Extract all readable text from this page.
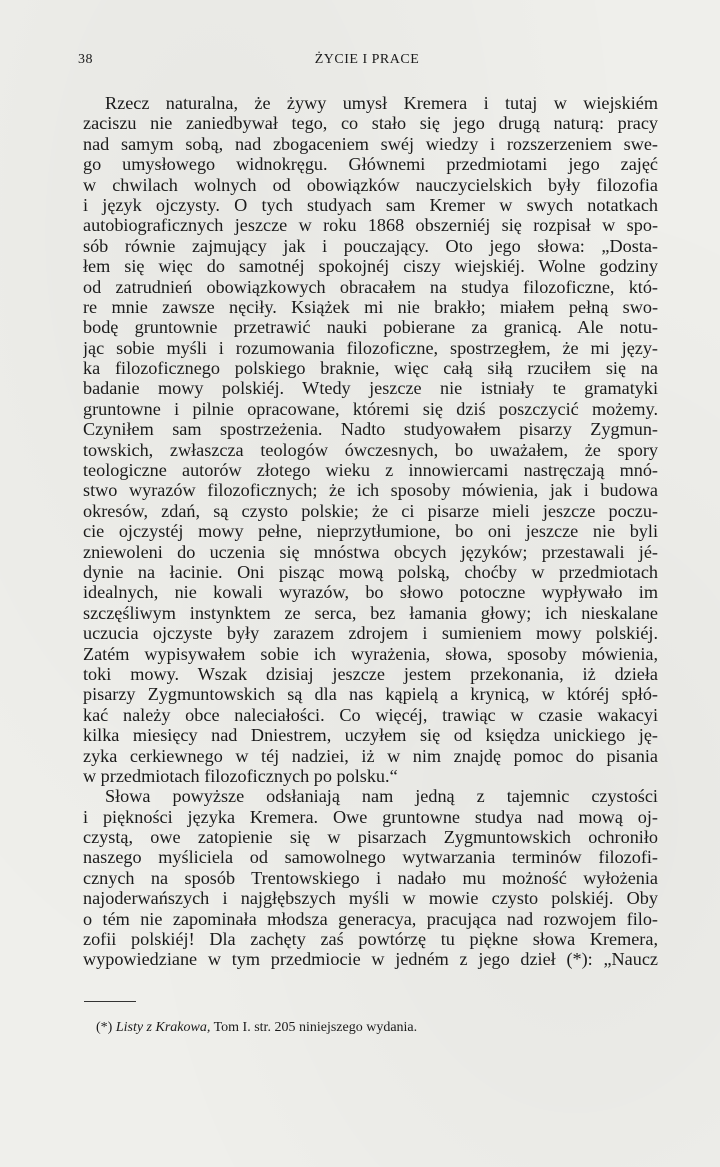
38	ŻYCIE I PRACE
Rzecz naturalna, że żywy umysł Kremera i tutaj w wiejskiém
zaciszu nie zaniedbywał tego, co stało się jego drugą naturą: pracy
nad samym sobą, nad zbogaceniem swéj wiedzy i rozszerzeniem swe-
go umysłowego widnokręgu. Głównemi przedmiotami jego zajęć
w chwilach wolnych od obowiązków nauczycielskich były filozofia
i język ojczysty. O tych studyach sam Kremer w swych notatkach
autobiograficznych jeszcze w roku 1868 obszerniéj się rozpisał w spo-
sób równie zajmujący jak i pouczający. Oto jego słowa: „Dosta-
łem się więc do samotnéj spokojnéj ciszy wiejskiéj. Wolne godziny
od zatrudnień obowiązkowych obracałem na studya filozoficzne, któ-
re mnie zawsze nęciły. Książek mi nie brakło; miałem pełną swo-
bodę gruntownie przetrawić nauki pobierane za granicą. Ale notu-
jąc sobie myśli i rozumowania filozoficzne, spostrzegłem, że mi języ-
ka filozoficznego polskiego braknie, więc całą siłą rzuciłem się na
badanie mowy polskiéj. Wtedy jeszcze nie istniały te gramatyki
gruntowne i pilnie opracowane, któremi się dziś poszczycić możemy.
Czyniłem sam spostrzeżenia. Nadto studyowałem pisarzy Zygmun-
towskich, zwłaszcza teologów ówczesnych, bo uważałem, że spory
teologiczne autorów złotego wieku z innowiercami nastręczają mnó-
stwo wyrazów filozoficznych; że ich sposoby mówienia, jak i budowa
okresów, zdań, są czysto polskie; że ci pisarze mieli jeszcze poczu-
cie ojczystéj mowy pełne, nieprzytłumione, bo oni jeszcze nie byli
zniewoleni do uczenia się mnóstwa obcych języków; przestawali jé-
dynie na łacinie. Oni pisząc mową polską, choćby w przedmiotach
idealnych, nie kowali wyrazów, bo słowo potoczne wypływało im
szczęśliwym instynktem ze serca, bez łamania głowy; ich nieskalane
uczucia ojczyste były zarazem zdrojem i sumieniem mowy polskiéj.
Zatém wypisywałem sobie ich wyrażenia, słowa, sposoby mówienia,
toki mowy. Wszak dzisiaj jeszcze jestem przekonania, iż dzieła
pisarzy Zygmuntowskich są dla nas kąpielą a krynicą, w któréj spłó-
kać należy obce naleciałości. Co więcéj, trawiąc w czasie wakacyi
kilka miesięcy nad Dniestrem, uczyłem się od księdza unickiego ję-
zyka cerkiewnego w téj nadziei, iż w nim znajdę pomoc do pisania
w przedmiotach filozoficznych po polsku.“
Słowa powyższe odsłaniają nam jedną z tajemnic czystości
i piękności języka Kremera. Owe gruntowne studya nad mową oj-
czystą, owe zatopienie się w pisarzach Zygmuntowskich ochroniło
naszego myśliciela od samowolnego wytwarzania terminów filozofi-
cznych na sposób Trentowskiego i nadało mu możność wyłożenia
najoderwańszych i najgłębszych myśli w mowie czysto polskiéj. Oby
o tém nie zapominała młodsza generacya, pracująca nad rozwojem filo-
zofii polskiéj! Dla zachęty zaś powtórzę tu piękne słowa Kremera,
wypowiedziane w tym przedmiocie w jedném z jego dzieł (*): „Naucz
(*) Listy z Krakowa, Tom I. str. 205 niniejszego wydania.
